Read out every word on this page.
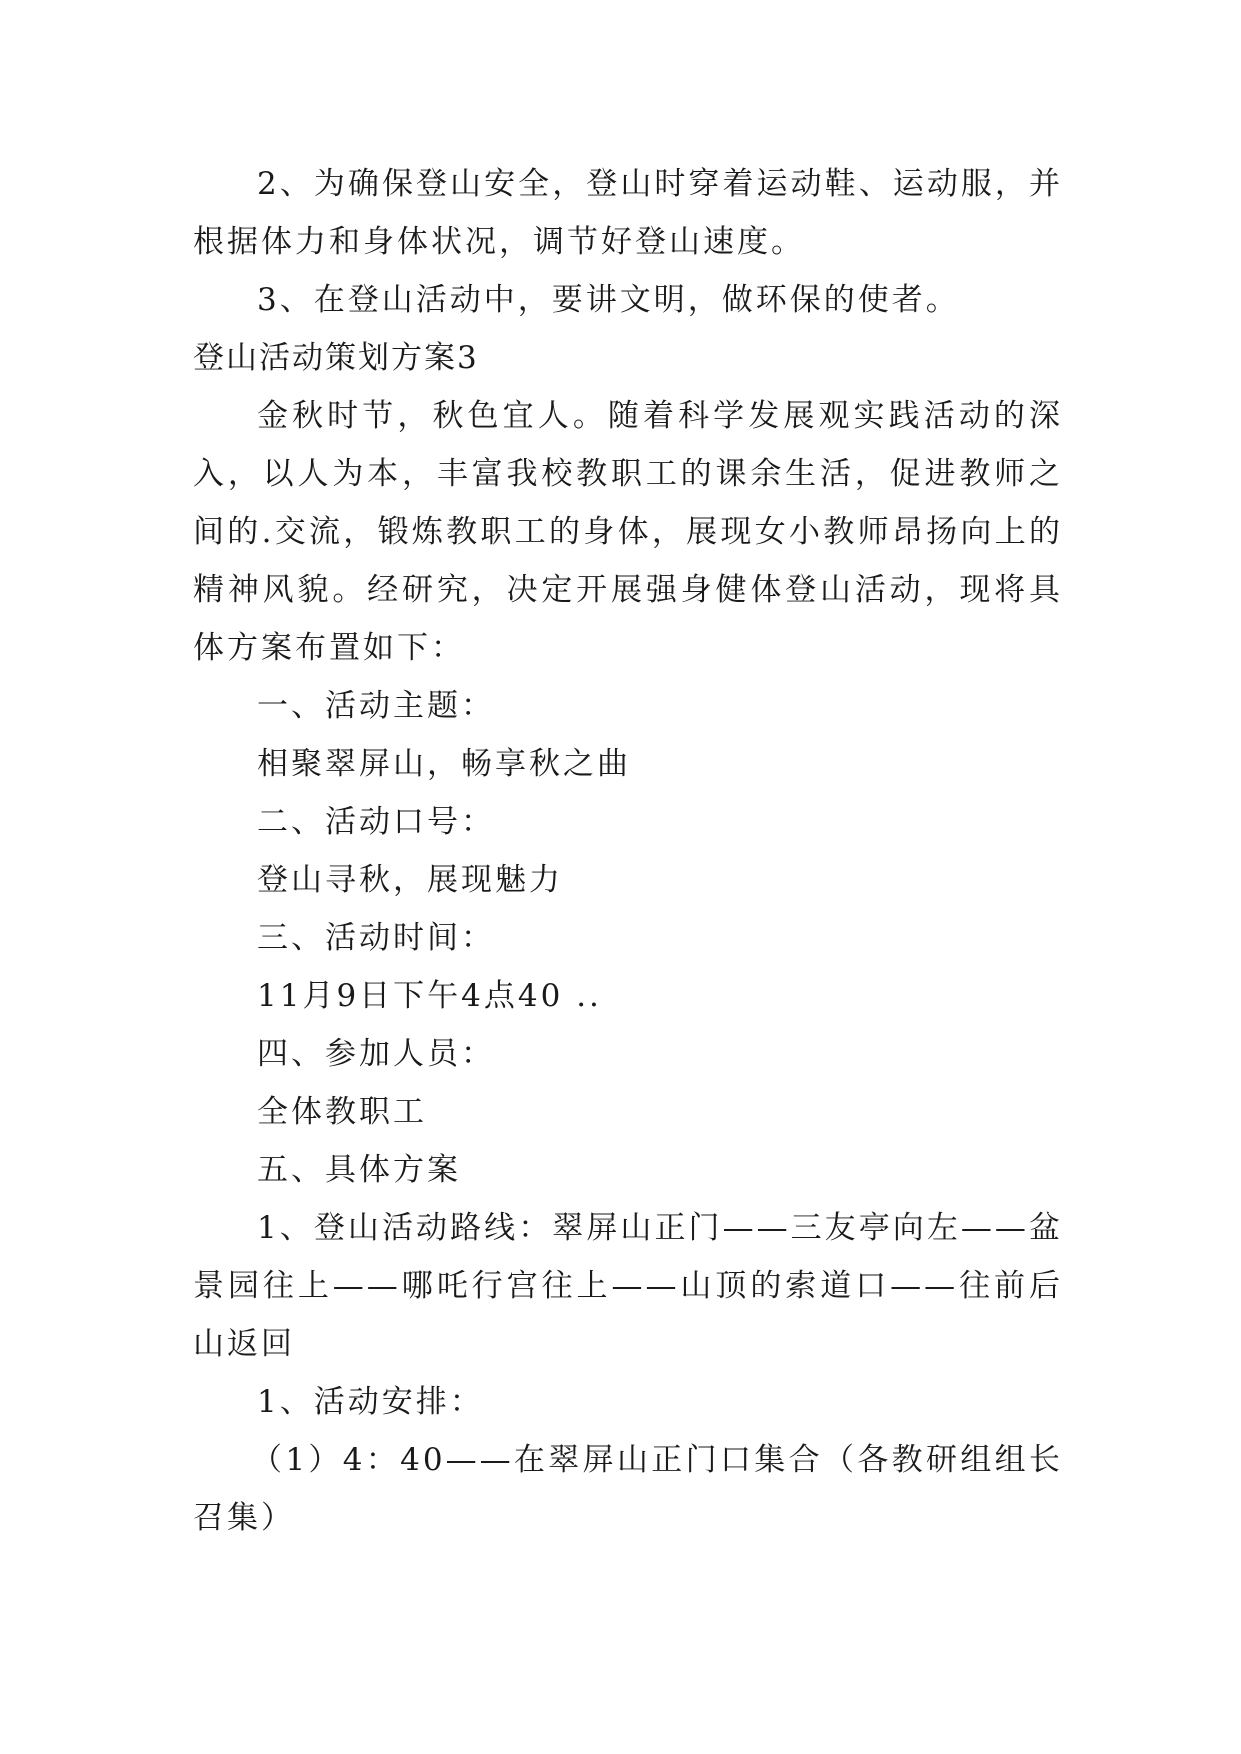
2、为确保登山安全，登山时穿着运动鞋、运动服，并根据体力和身体状况，调节好登山速度。

3、在登山活动中，要讲文明，做环保的使者。

登山活动策划方案3

金秋时节，秋色宜人。随着科学发展观实践活动的深入，以人为本，丰富我校教职工的课余生活，促进教师之间的.交流，锻炼教职工的身体，展现女小教师昂扬向上的精神风貌。经研究，决定开展强身健体登山活动，现将具体方案布置如下：

一、活动主题：

相聚翠屏山，畅享秋之曲

二、活动口号：

登山寻秋，展现魅力

三、活动时间：

11月9日下午4点40 ..

四、参加人员：

全体教职工

五、具体方案

1、登山活动路线：翠屏山正门——三友亭向左——盆景园往上——哪吒行宫往上——山顶的索道口——往前后山返回

1、活动安排：

（1）4：40——在翠屏山正门口集合（各教研组组长召集）
